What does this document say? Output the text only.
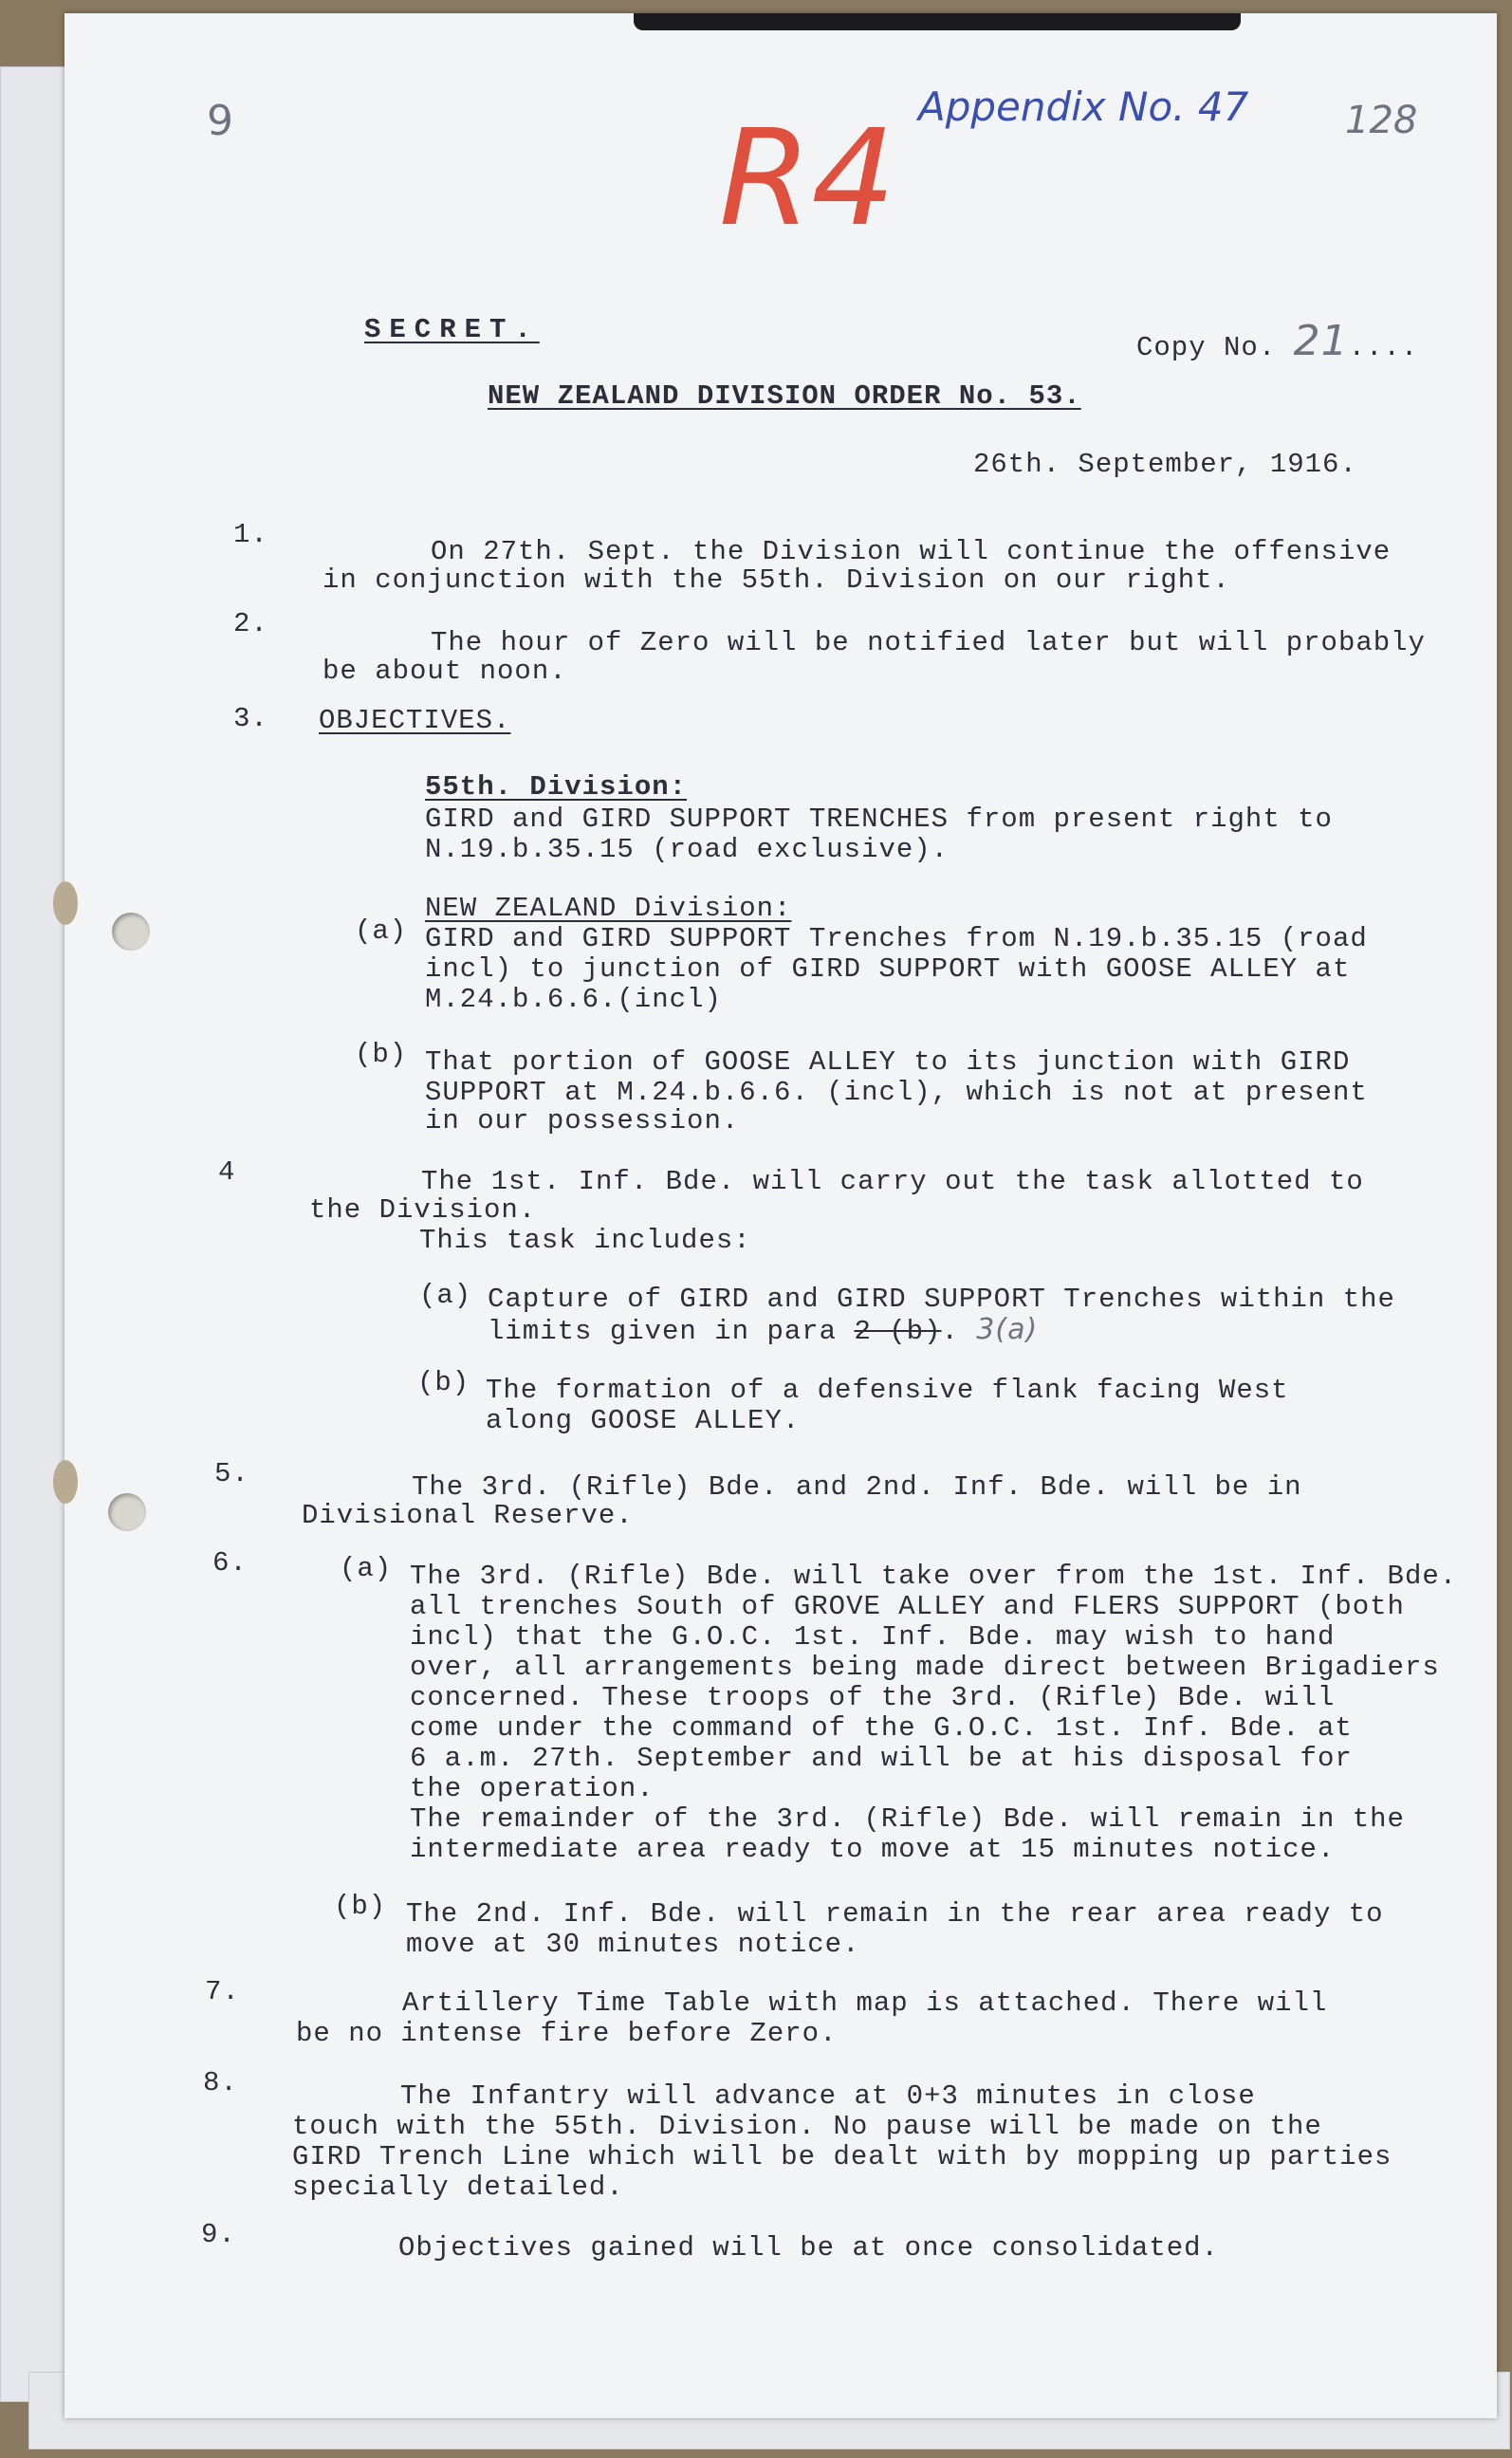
9	Appendix No. 47	128
R4
SECRET.
Copy No. 21....
NEW ZEALAND DIVISION ORDER No. 53.
26th. September, 1916.
1.
On 27th. Sept. the Division will continue the offensive
in conjunction with the 55th. Division on our right.
2.
The hour of Zero will be notified later but will probably
be about noon.
3. OBJECTIVES.
55th. Division:
GIRD and GIRD SUPPORT TRENCHES from present right to
N.19.b.35.15 (road exclusive).
NEW ZEALAND Division:
(a) GIRD and GIRD SUPPORT Trenches from N.19.b.35.15 (road
incl) to junction of GIRD SUPPORT with GOOSE ALLEY at
M.24.b.6.6.(incl)
(b) That portion of GOOSE ALLEY to its junction with GIRD
SUPPORT at M.24.b.6.6. (incl), which is not at present
in our possession.
4	The 1st. Inf. Bde. will carry out the task allotted to
the Division.
This task includes:
(a) Capture of GIRD and GIRD SUPPORT Trenches within the
limits given in para 2 (b). 3(a)
(b) The formation of a defensive flank facing West
along GOOSE ALLEY.
5.	The 3rd. (Rifle) Bde. and 2nd. Inf. Bde. will be in
Divisional Reserve.
6.	(a) The 3rd. (Rifle) Bde. will take over from the 1st. Inf. Bde.
all trenches South of GROVE ALLEY and FLERS SUPPORT (both
incl) that the G.O.C. 1st. Inf. Bde. may wish to hand
over, all arrangements being made direct between Brigadiers
concerned. These troops of the 3rd. (Rifle) Bde. will
come under the command of the G.O.C. 1st. Inf. Bde. at
6 a.m. 27th. September and will be at his disposal for
the operation.
The remainder of the 3rd. (Rifle) Bde. will remain in the
intermediate area ready to move at 15 minutes notice.
(b) The 2nd. Inf. Bde. will remain in the rear area ready to
move at 30 minutes notice.
7.	Artillery Time Table with map is attached. There will
be no intense fire before Zero.
8.	The Infantry will advance at 0+3 minutes in close
touch with the 55th. Division. No pause will be made on the
GIRD Trench Line which will be dealt with by mopping up parties
specially detailed.
9.	Objectives gained will be at once consolidated.
